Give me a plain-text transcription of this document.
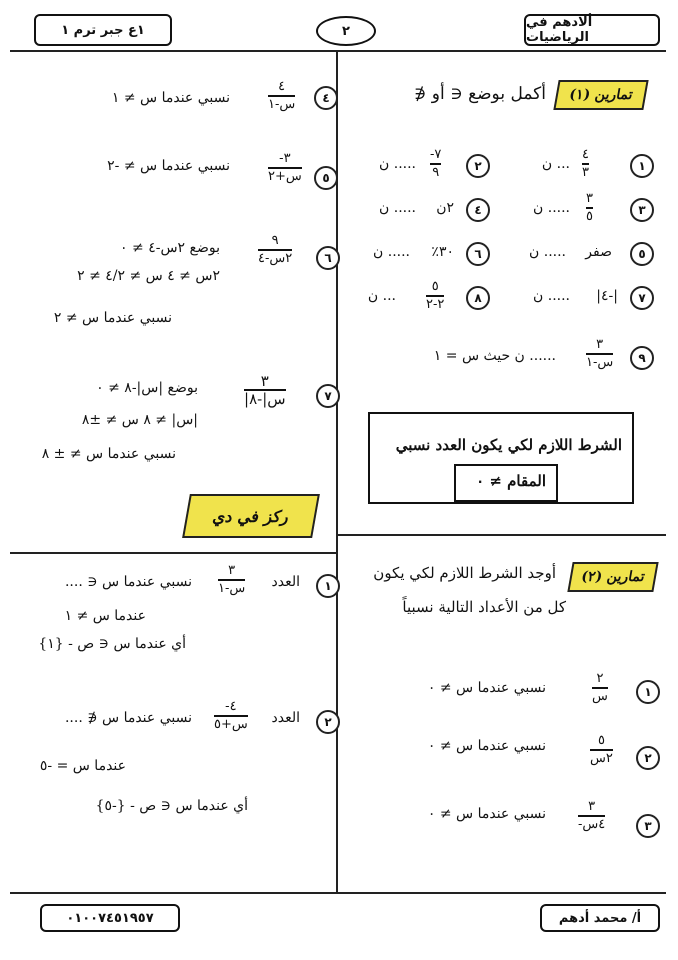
ألادهم في الرياضيات
٢
١ع جبر ترم ١
تمارين (١)
أكمل بوضع ∈ أو ∉
١
٤
٣
... ن
٢
-٧
٩
..... ن
٣
٣
٥
..... ن
٤
٢ن
..... ن
٥
صفر
..... ن
٦
٣٠٪
..... ن
٧
|-٤|
..... ن
٨
٥
٢-٢
... ن
٩
٣
س-١
...... ن حيث س = ١
الشرط اللازم لكي يكون العدد نسبي
المقام ≠ ٠
تمارين (٢)
أوجد الشرط اللازم لكي يكون
كل من الأعداد التالية نسبياً
١
٢
س
نسبي عندما س ≠ ٠
٢
٥
٢س
نسبي عندما س ≠ ٠
٣
٣
-٤س
نسبي عندما س ≠ ٠
٤
٤
س-١
نسبي عندما س ≠ ١
٥
-٣
س+٢
نسبي عندما س ≠ -٢
٦
٩
٢س-٤
بوضع ٢س-٤ ≠ ٠
٢س ≠ ٤ س ≠ ٤/٢ ≠ ٢
نسبي عندما س ≠ ٢
٧
٣
|س|-٨
بوضع |س|-٨ ≠ ٠
|س| ≠ ٨ س ≠ ±٨
نسبي عندما س ≠ ± ٨
ركز في دي
١
العدد
٣
س-١
نسبي عندما س ∈ ....
عندما س ≠ ١
أي عندما س ∈ ص - {١}
٢
العدد
-٤
س+٥
نسبي عندما س ∉ ....
عندما س = -٥
أي عندما س ∈ ص - {-٥}
٠١٠٠٧٤٥١٩٥٧	أ/ محمد أدهم
